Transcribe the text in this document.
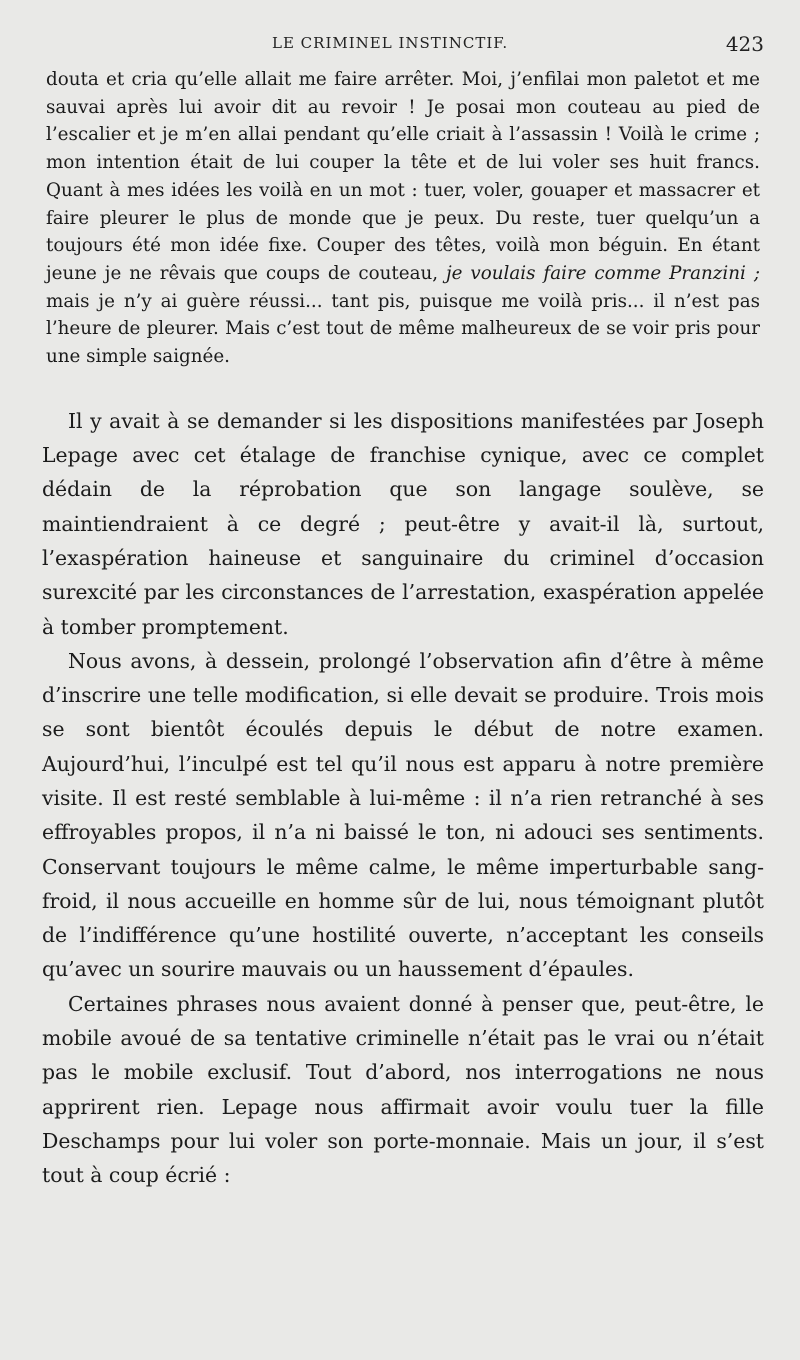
LE CRIMINEL INSTINCTIF.	423

douta et cria qu’elle allait me faire arrêter. Moi, j’enfilai mon paletot et me sauvai après lui avoir dit au revoir ! Je posai mon couteau au pied de l’escalier et je m’en allai pendant qu’elle criait à l’assassin ! Voilà le crime ; mon intention était de lui couper la tête et de lui voler ses huit francs. Quant à mes idées les voilà en un mot : tuer, voler, gouaper et massacrer et faire pleurer le plus de monde que je peux. Du reste, tuer quelqu’un a toujours été mon idée fixe. Couper des têtes, voilà mon béguin. En étant jeune je ne rêvais que coups de couteau, je voulais faire comme Pranzini ; mais je n’y ai guère réussi... tant pis, puisque me voilà pris... il n’est pas l’heure de pleurer. Mais c’est tout de même malheureux de se voir pris pour une simple saignée.

Il y avait à se demander si les dispositions manifestées par Joseph Lepage avec cet étalage de franchise cynique, avec ce complet dédain de la réprobation que son langage soulève, se maintiendraient à ce degré ; peut-être y avait-il là, surtout, l’exaspération haineuse et sanguinaire du criminel d’occasion surexcité par les circonstances de l’arrestation, exaspération appelée à tomber promptement.

Nous avons, à dessein, prolongé l’observation afin d’être à même d’inscrire une telle modification, si elle devait se produire. Trois mois se sont bientôt écoulés depuis le début de notre examen. Aujourd’hui, l’inculpé est tel qu’il nous est apparu à notre première visite. Il est resté semblable à lui-même : il n’a rien retranché à ses effroyables propos, il n’a ni baissé le ton, ni adouci ses sentiments. Conservant toujours le même calme, le même imperturbable sang-froid, il nous accueille en homme sûr de lui, nous témoignant plutôt de l’indifférence qu’une hostilité ouverte, n’acceptant les conseils qu’avec un sourire mauvais ou un haussement d’épaules.

Certaines phrases nous avaient donné à penser que, peut-être, le mobile avoué de sa tentative criminelle n’était pas le vrai ou n’était pas le mobile exclusif. Tout d’abord, nos interrogations ne nous apprirent rien. Lepage nous affirmait avoir voulu tuer la fille Deschamps pour lui voler son porte-monnaie. Mais un jour, il s’est tout à coup écrié :
